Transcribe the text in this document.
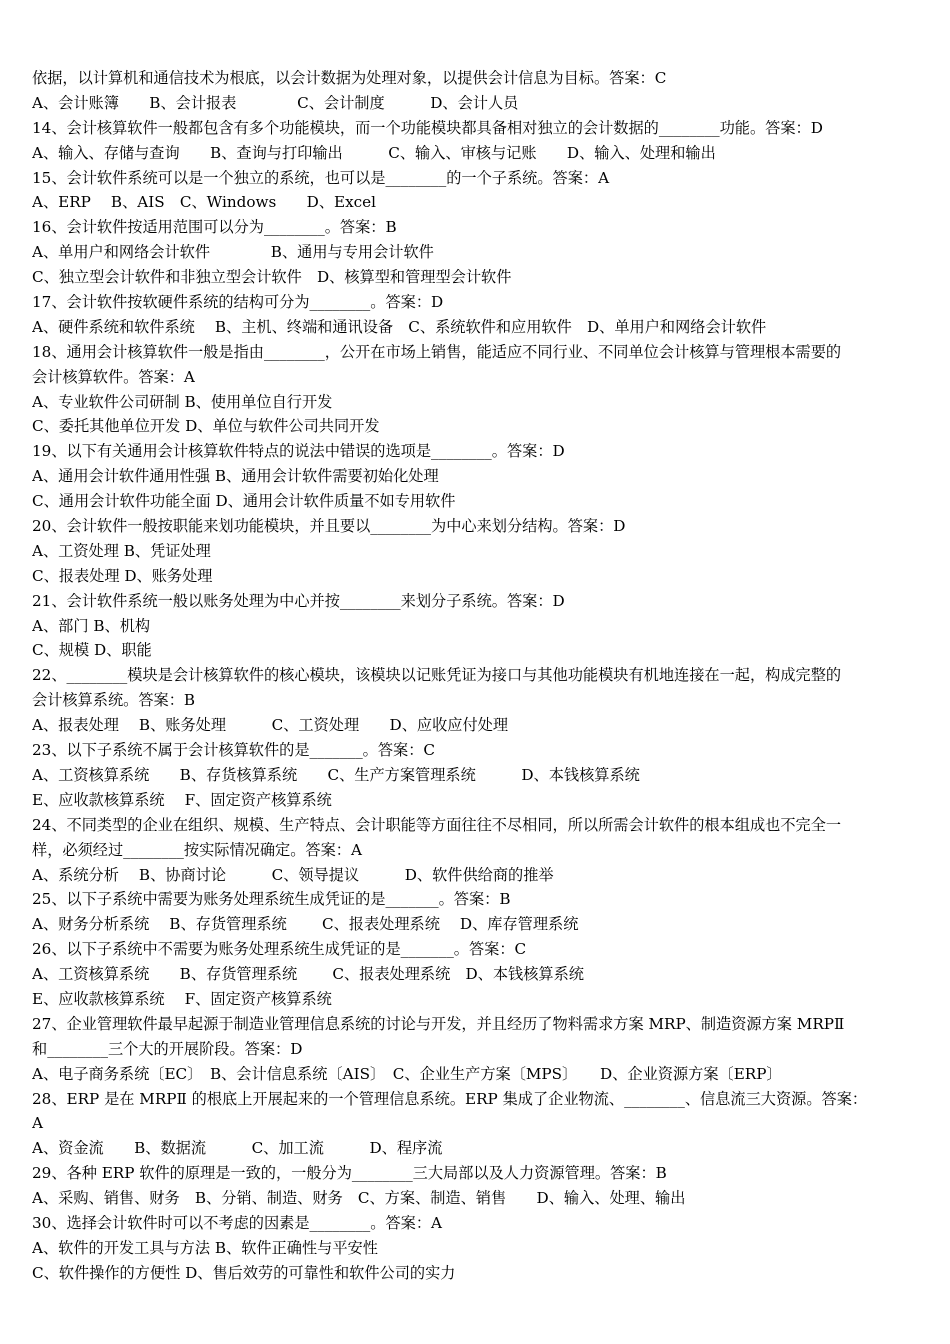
依据，以计算机和通信技术为根底，以会计数据为处理对象，以提供会计信息为目标。答案：C
A、会计账簿　　B、会计报表　　　　C、会计制度　　　D、会计人员
14、会计核算软件一般都包含有多个功能模块，而一个功能模块都具备相对独立的会计数据的________功能。答案：D
A、输入、存储与查询　　B、查询与打印输出　　　C、输入、审核与记账　　D、输入、处理和输出
15、会计软件系统可以是一个独立的系统，也可以是________的一个子系统。答案：A
A、ERP　 B、AIS　C、Windows　　D、Excel
16、会计软件按适用范围可以分为________。答案：B
A、单用户和网络会计软件　　　　B、通用与专用会计软件
C、独立型会计软件和非独立型会计软件　D、核算型和管理型会计软件
17、会计软件按软硬件系统的结构可分为________。答案：D
A、硬件系统和软件系统　 B、主机、终端和通讯设备　C、系统软件和应用软件　D、单用户和网络会计软件
18、通用会计核算软件一般是指由________，公开在市场上销售，能适应不同行业、不同单位会计核算与管理根本需要的
会计核算软件。答案：A
A、专业软件公司研制 B、使用单位自行开发
C、委托其他单位开发 D、单位与软件公司共同开发
19、以下有关通用会计核算软件特点的说法中错误的选项是________。答案：D
A、通用会计软件通用性强 B、通用会计软件需要初始化处理
C、通用会计软件功能全面 D、通用会计软件质量不如专用软件
20、会计软件一般按职能来划功能模块，并且要以________为中心来划分结构。答案：D
A、工资处理 B、凭证处理
C、报表处理 D、账务处理
21、会计软件系统一般以账务处理为中心并按________来划分子系统。答案：D
A、部门 B、机构
C、规模 D、职能
22、________模块是会计核算软件的核心模块，该模块以记账凭证为接口与其他功能模块有机地连接在一起，构成完整的
会计核算系统。答案：B
A、报表处理　 B、账务处理　　　C、工资处理　　D、应收应付处理
23、以下子系统不属于会计核算软件的是_______。答案：C
A、工资核算系统　　B、存货核算系统　　C、生产方案管理系统　　　D、本钱核算系统
E、应收款核算系统　 F、固定资产核算系统
24、不同类型的企业在组织、规模、生产特点、会计职能等方面往往不尽相同，所以所需会计软件的根本组成也不完全一
样，必须经过________按实际情况确定。答案：A
A、系统分析　 B、协商讨论　　　C、领导提议　　　D、软件供给商的推举
25、以下子系统中需要为账务处理系统生成凭证的是_______。答案：B
A、财务分析系统　 B、存货管理系统　　 C、报表处理系统　 D、库存管理系统
26、以下子系统中不需要为账务处理系统生成凭证的是_______。答案：C
A、工资核算系统　　B、存货管理系统　　 C、报表处理系统　D、本钱核算系统
E、应收款核算系统　 F、固定资产核算系统
27、企业管理软件最早起源于制造业管理信息系统的讨论与开发，并且经历了物料需求方案 MRP、制造资源方案 MRPⅡ
和________三个大的开展阶段。答案：D
A、电子商务系统〔EC〕　B、会计信息系统〔AIS〕　C、企业生产方案〔MPS〕　　D、企业资源方案〔ERP〕
28、ERP 是在 MRPⅡ 的根底上开展起来的一个管理信息系统。ERP 集成了企业物流、________、信息流三大资源。答案：
A
A、资金流　　B、数据流　　　C、加工流　　　D、程序流
29、各种 ERP 软件的原理是一致的，一般分为________三大局部以及人力资源管理。答案：B
A、采购、销售、财务　B、分销、制造、财务　C、方案、制造、销售　　D、输入、处理、输出
30、选择会计软件时可以不考虑的因素是________。答案：A
A、软件的开发工具与方法 B、软件正确性与平安性
C、软件操作的方便性 D、售后效劳的可靠性和软件公司的实力
